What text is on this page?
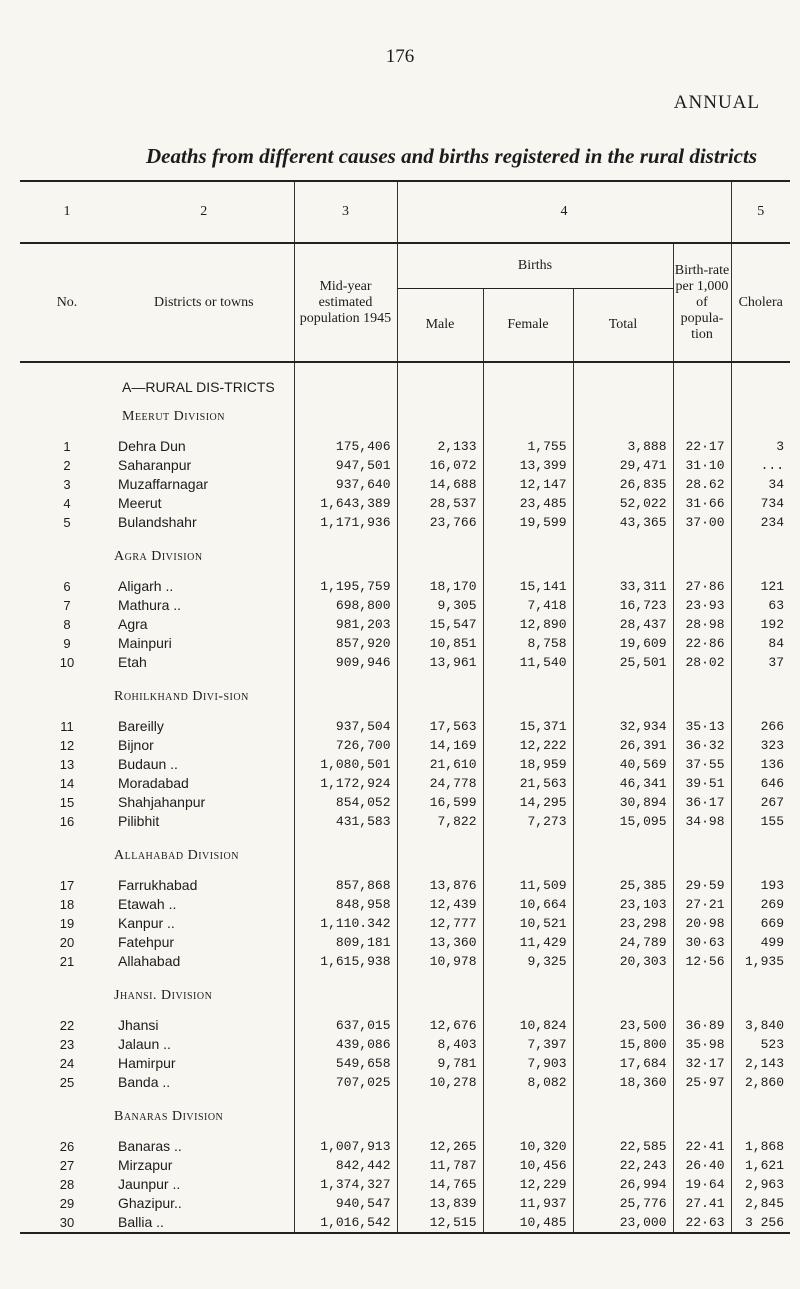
176
ANNUAL
Deaths from different causes and births registered in the rural districts
1	2	3	4				5
No.	Districts or towns	Mid-year estimated population 1945	Births			Birth-rate per 1,000 of popula-tion	Cholera
			Male	Female	Total		

	A—RURAL DIS-TRICTS						
	Meerut Division						
1	Dehra Dun	175,406	2,133	1,755	3,888	22·17	3
2	Saharanpur	947,501	16,072	13,399	29,471	31·10	...
3	Muzaffarnagar	937,640	14,688	12,147	26,835	28.62	34
4	Meerut	1,643,389	28,537	23,485	52,022	31·66	734
5	Bulandshahr	1,171,936	23,766	19,599	43,365	37·00	234
	Agra Division						
6	Aligarh ..	1,195,759	18,170	15,141	33,311	27·86	121
7	Mathura ..	698,800	9,305	7,418	16,723	23·93	63
8	Agra	981,203	15,547	12,890	28,437	28·98	192
9	Mainpuri	857,920	10,851	8,758	19,609	22·86	84
10	Etah	909,946	13,961	11,540	25,501	28·02	37
	Rohilkhand Divi-sion						
11	Bareilly	937,504	17,563	15,371	32,934	35·13	266
12	Bijnor	726,700	14,169	12,222	26,391	36·32	323
13	Budaun ..	1,080,501	21,610	18,959	40,569	37·55	136
14	Moradabad	1,172,924	24,778	21,563	46,341	39·51	646
15	Shahjahanpur	854,052	16,599	14,295	30,894	36·17	267
16	Pilibhit	431,583	7,822	7,273	15,095	34·98	155
	Allahabad Division						
17	Farrukhabad	857,868	13,876	11,509	25,385	29·59	193
18	Etawah ..	848,958	12,439	10,664	23,103	27·21	269
19	Kanpur ..	1,110.342	12,777	10,521	23,298	20·98	669
20	Fatehpur	809,181	13,360	11,429	24,789	30·63	499
21	Allahabad	1,615,938	10,978	9,325	20,303	12·56	1,935
	Jhansi. Division						
22	Jhansi	637,015	12,676	10,824	23,500	36·89	3,840
23	Jalaun ..	439,086	8,403	7,397	15,800	35·98	523
24	Hamirpur	549,658	9,781	7,903	17,684	32·17	2,143
25	Banda ..	707,025	10,278	8,082	18,360	25·97	2,860
	Banaras Division						
26	Banaras ..	1,007,913	12,265	10,320	22,585	22·41	1,868
27	Mirzapur	842,442	11,787	10,456	22,243	26·40	1,621
28	Jaunpur ..	1,374,327	14,765	12,229	26,994	19·64	2,963
29	Ghazipur..	940,547	13,839	11,937	25,776	27.41	2,845
30	Ballia ..	1,016,542	12,515	10,485	23,000	22·63	3 256
